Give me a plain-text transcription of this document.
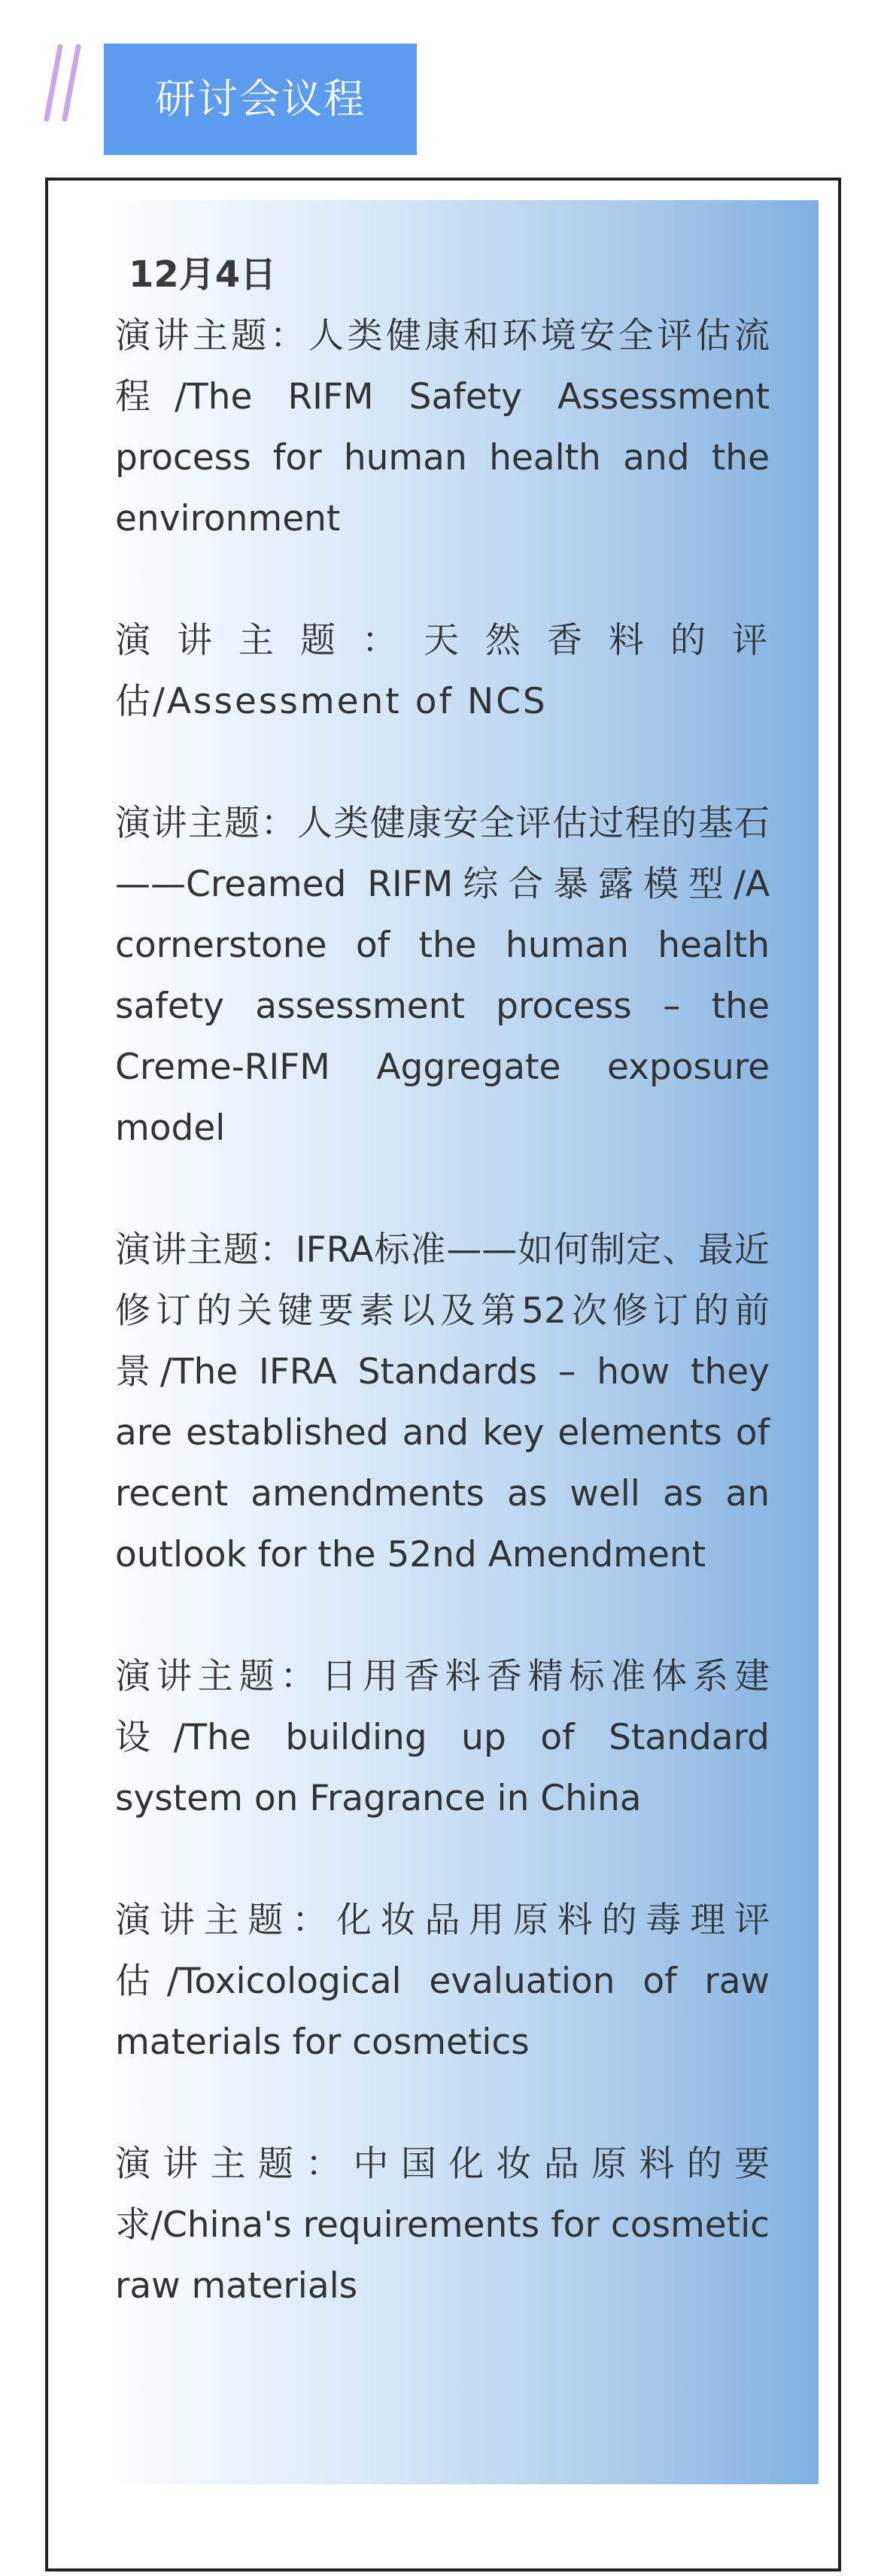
研讨会议程

12月4日

演讲主题：人类健康和环境安全评估流程/The RIFM Safety Assessment process for human health and the environment

演讲主题：天然香料的评估/Assessment of NCS

演讲主题：人类健康安全评估过程的基石——Creamed RIFM综合暴露模型/A cornerstone of the human health safety assessment process – the Creme-RIFM Aggregate exposure model

演讲主题：IFRA标准——如何制定、最近修订的关键要素以及第52次修订的前景/The IFRA Standards – how they are established and key elements of recent amendments as well as an outlook for the 52nd Amendment

演讲主题：日用香料香精标准体系建设/The building up of Standard system on Fragrance in China

演讲主题：化妆品用原料的毒理评估/Toxicological evaluation of raw materials for cosmetics

演讲主题：中国化妆品原料的要求/China's requirements for cosmetic raw materials
